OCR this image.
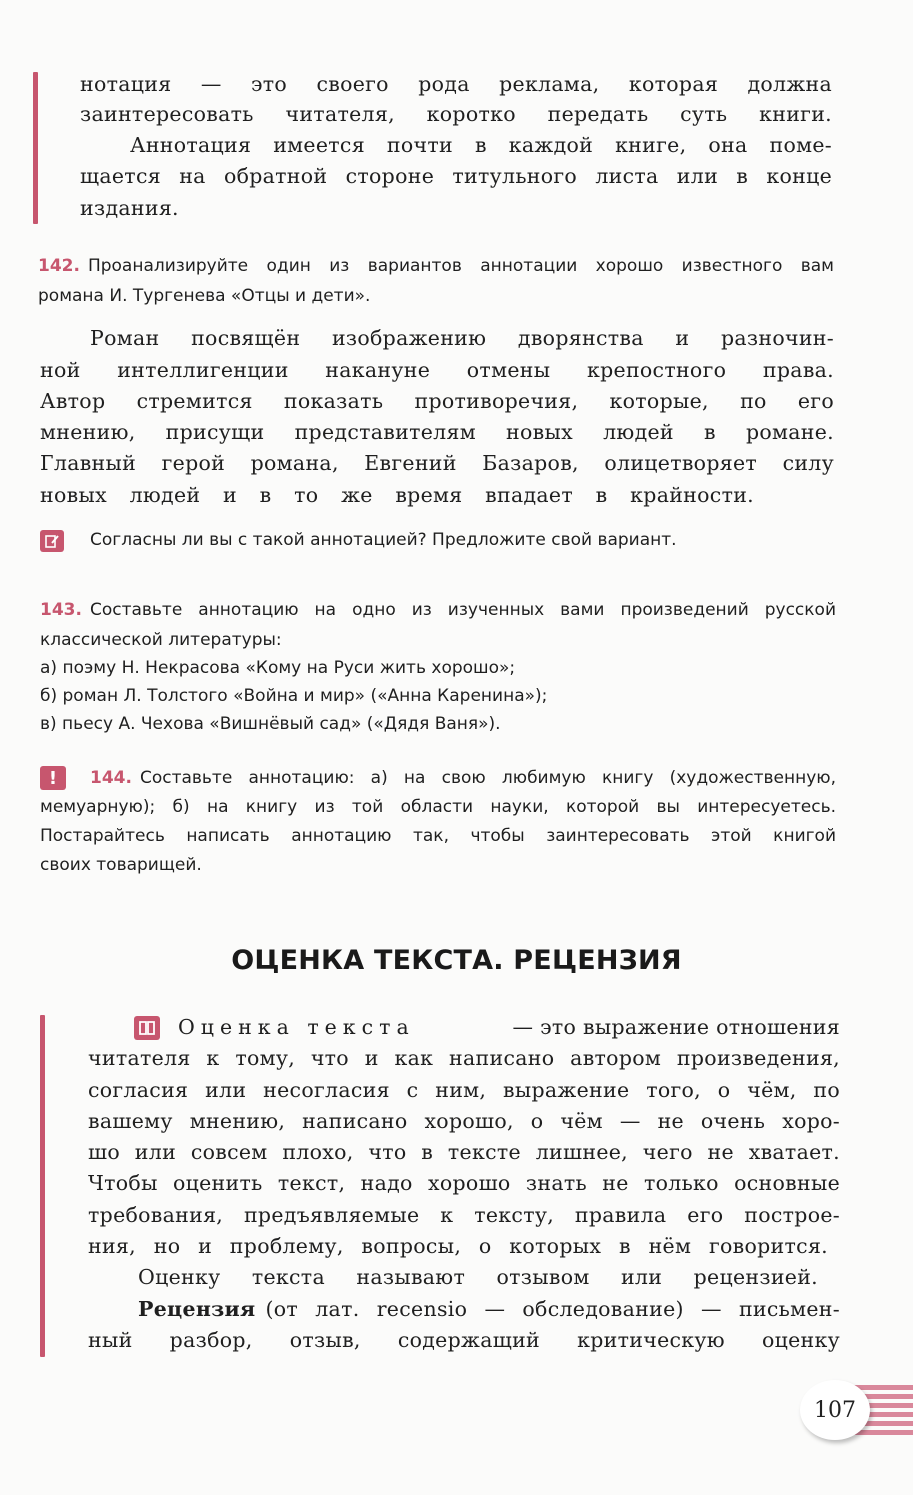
нотация — это своего рода реклама, которая должна
заинтересовать читателя, коротко передать суть книги.
Аннотация имеется почти в каждой книге, она поме-
щается на обратной стороне титульного листа или в конце
издания.
142. Проанализируйте один из вариантов аннотации хорошо известного вам
романа И. Тургенева «Отцы и дети».
Роман посвящён изображению дворянства и разночин-
ной интеллигенции накануне отмены крепостного права.
Автор стремится показать противоречия, которые, по его
мнению, присущи представителям новых людей в романе.
Главный герой романа, Евгений Базаров, олицетворяет силу
новых людей и в то же время впадает в крайности.
Согласны ли вы с такой аннотацией? Предложите свой вариант.
143. Составьте аннотацию на одно из изученных вами произведений русской
классической литературы:
а) поэму Н. Некрасова «Кому на Руси жить хорошо»;
б) роман Л. Толстого «Война и мир» («Анна Каренина»);
в) пьесу А. Чехова «Вишнёвый сад» («Дядя Ваня»).
! 144. Составьте аннотацию: а) на свою любимую книгу (художественную,
мемуарную); б) на книгу из той области науки, которой вы интересуетесь.
Постарайтесь написать аннотацию так, чтобы заинтересовать этой книгой
своих товарищей.
ОЦЕНКА ТЕКСТА. РЕЦЕНЗИЯ
Оценка текста	— это выражение отношения
читателя к тому, что и как написано автором произведения,
согласия или несогласия с ним, выражение того, о чём, по
вашему мнению, написано хорошо, о чём — не очень хоро-
шо или совсем плохо, что в тексте лишнее, чего не хватает.
Чтобы оценить текст, надо хорошо знать не только основные
требования, предъявляемые к тексту, правила его построе-
ния, но и проблему, вопросы, о которых в нём говорится.
Оценку текста называют отзывом или рецензией.
Рецензия (от лат. recensio — обследование) — письмен-
ный разбор, отзыв, содержащий критическую оценку
107
